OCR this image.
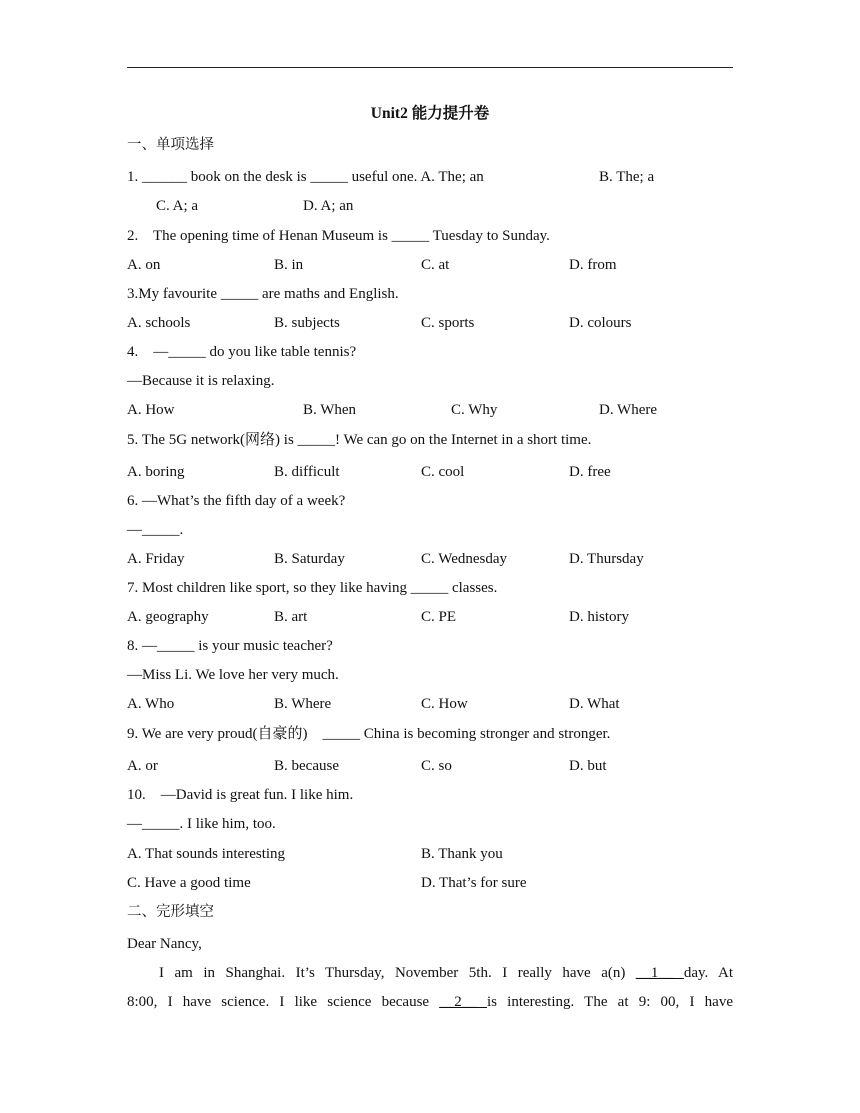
Unit2 能力提升卷
一、单项选择
1. ______ book on the desk is _____ useful one. A. The; an	B. The; a
C. A; a	D. A; an
2.    The opening time of Henan Museum is _____ Tuesday to Sunday.
A. on	B. in	C. at	D. from
3.My favourite _____ are maths and English.
A. schools	B. subjects	C. sports	D. colours
4.    —_____ do you like table tennis?
—Because it is relaxing.
A. How	B. When	C. Why	D. Where
5. The 5G network(网络) is _____! We can go on the Internet in a short time.
A. boring	B. difficult	C. cool	D. free
6. —What’s the fifth day of a week?
—_____.
A. Friday	B. Saturday	C. Wednesday	D. Thursday
7. Most children like sport, so they like having _____ classes.
A. geography	B. art	C. PE	D. history
8. —_____ is your music teacher?
—Miss Li. We love her very much.
A. Who	B. Where	C. How	D. What
9. We are very proud(自豪的)    _____ China is becoming stronger and stronger.
A. or	B. because	C. so	D. but
10.    —David is great fun. I like him.
—_____. I like him, too.
A. That sounds interesting	B. Thank you
C. Have a good time	D. That’s for sure
二、完形填空
Dear Nancy,
I am in Shanghai. It’s Thursday, November 5th. I really have a(n) __1__ day. At
8:00, I have science. I like science because __2__ is interesting. The at 9: 00, I have
